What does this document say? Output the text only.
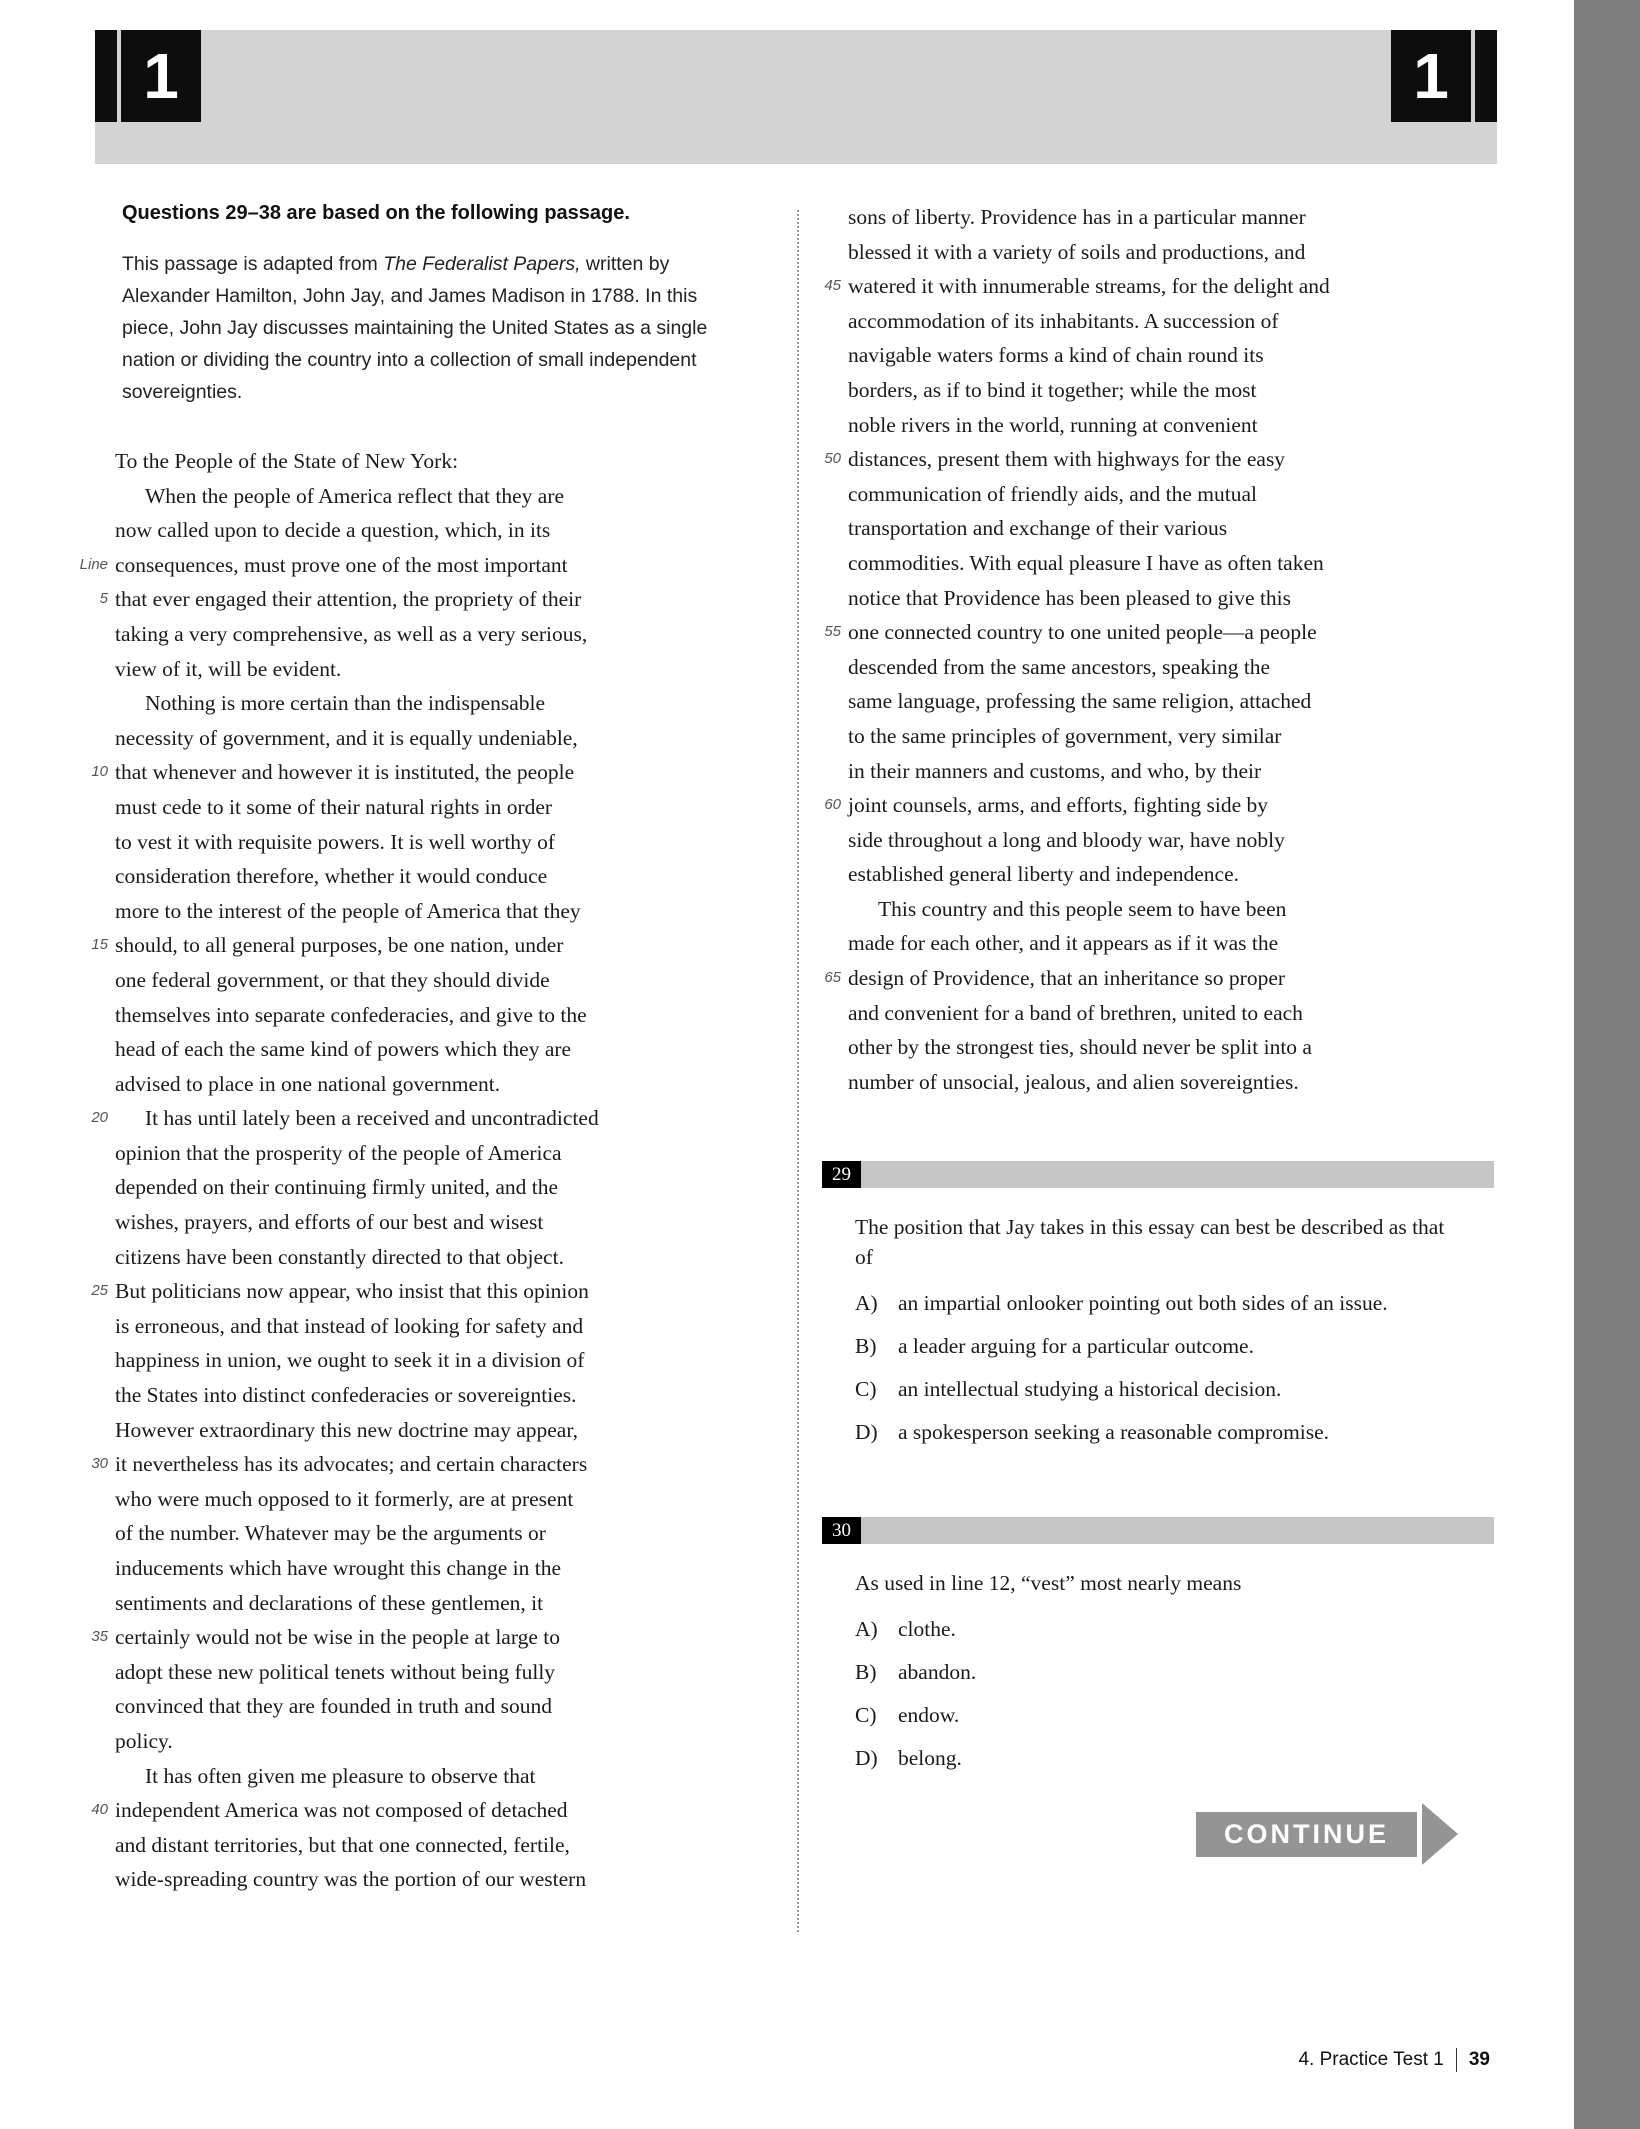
1	1
Questions 29–38 are based on the following passage.

This passage is adapted from The Federalist Papers, written by Alexander Hamilton, John Jay, and James Madison in 1788. In this piece, John Jay discusses maintaining the United States as a single nation or dividing the country into a collection of small independent sovereignties.

To the People of the State of New York:
When the people of America reflect that they are
now called upon to decide a question, which, in its
Line consequences, must prove one of the most important
5 that ever engaged their attention, the propriety of their
taking a very comprehensive, as well as a very serious,
view of it, will be evident.
Nothing is more certain than the indispensable
necessity of government, and it is equally undeniable,
10 that whenever and however it is instituted, the people
must cede to it some of their natural rights in order
to vest it with requisite powers. It is well worthy of
consideration therefore, whether it would conduce
more to the interest of the people of America that they
15 should, to all general purposes, be one nation, under
one federal government, or that they should divide
themselves into separate confederacies, and give to the
head of each the same kind of powers which they are
advised to place in one national government.
20	It has until lately been a received and uncontradicted
opinion that the prosperity of the people of America
depended on their continuing firmly united, and the
wishes, prayers, and efforts of our best and wisest
citizens have been constantly directed to that object.
25 But politicians now appear, who insist that this opinion
is erroneous, and that instead of looking for safety and
happiness in union, we ought to seek it in a division of
the States into distinct confederacies or sovereignties.
However extraordinary this new doctrine may appear,
30 it nevertheless has its advocates; and certain characters
who were much opposed to it formerly, are at present
of the number. Whatever may be the arguments or
inducements which have wrought this change in the
sentiments and declarations of these gentlemen, it
35 certainly would not be wise in the people at large to
adopt these new political tenets without being fully
convinced that they are founded in truth and sound
policy.
It has often given me pleasure to observe that
40 independent America was not composed of detached
and distant territories, but that one connected, fertile,
wide-spreading country was the portion of our western
sons of liberty. Providence has in a particular manner
blessed it with a variety of soils and productions, and
45 watered it with innumerable streams, for the delight and
accommodation of its inhabitants. A succession of
navigable waters forms a kind of chain round its
borders, as if to bind it together; while the most
noble rivers in the world, running at convenient
50 distances, present them with highways for the easy
communication of friendly aids, and the mutual
transportation and exchange of their various
commodities. With equal pleasure I have as often taken
notice that Providence has been pleased to give this
55 one connected country to one united people—a people
descended from the same ancestors, speaking the
same language, professing the same religion, attached
to the same principles of government, very similar
in their manners and customs, and who, by their
60 joint counsels, arms, and efforts, fighting side by
side throughout a long and bloody war, have nobly
established general liberty and independence.
This country and this people seem to have been
made for each other, and it appears as if it was the
65 design of Providence, that an inheritance so proper
and convenient for a band of brethren, united to each
other by the strongest ties, should never be split into a
number of unsocial, jealous, and alien sovereignties.
29
The position that Jay takes in this essay can best be described as that of
A) an impartial onlooker pointing out both sides of an issue.
B)	a leader arguing for a particular outcome.
C)	an intellectual studying a historical decision.
D) a spokesperson seeking a reasonable compromise.
30
As used in line 12, “vest” most nearly means
A) clothe.
B)	abandon.
C)	endow.
D) belong.
CONTINUE
4. Practice Test 1 39
